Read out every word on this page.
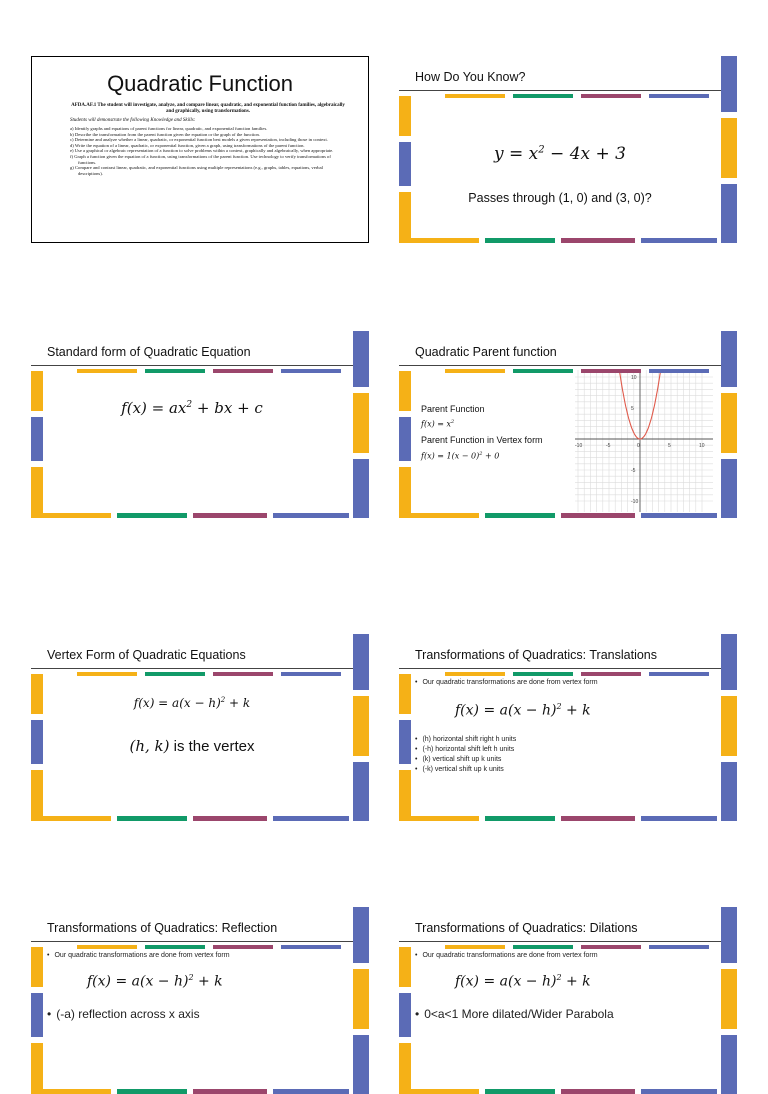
Quadratic Function
AFDA.AF.1 The student will investigate, analyze, and compare linear, quadratic, and exponential function families, algebraically and graphically, using transformations.
Students will demonstrate the following Knowledge and Skills:
a) Identify graphs and equations of parent functions for linear, quadratic, and exponential function families.
b) Describe the transformation from the parent function given the equation or the graph of the function.
c) Determine and analyze whether a linear, quadratic, or exponential function best models a given representation, including those in context.
d) Write the equation of a linear, quadratic, or exponential function, given a graph, using transformations of the parent function.
e) Use a graphical or algebraic representation of a function to solve problems within a context, graphically and algebraically, when appropriate.
f) Graph a function given the equation of a function, using transformations of the parent function. Use technology to verify transformations of functions.
g) Compare and contrast linear, quadratic, and exponential functions using multiple representations (e.g., graphs, tables, equations, verbal descriptions).
How Do You Know?
$y = x^2 - 4x + 3$
Passes through (1, 0) and (3, 0)?
Standard form of Quadratic Equation
$f(x) = ax^2$ + bx + c
Quadratic Parent function
Parent Function
$f(x) = x^2$
Parent Function in Vertex form
$f(x) = 1(x - 0)^2 + 0$
-10	-5	0	5	10
10
5
-5
-10
Vertex Form of Quadratic Equations
$f(x) = a(x - h)^2 + k$
(h, k) is the vertex
Transformations of Quadratics: Translations
• Our quadratic transformations are done from vertex form
$f(x) = a(x - h)^2 + k$
• (h) horizontal shift right h units
• (-h) horizontal shift left h units
• (k) vertical shift up k units
• (-k) vertical shift up k units
Transformations of Quadratics: Reflection
• Our quadratic transformations are done from vertex form
$f(x) = a(x - h)^2 + k$
• (-a) reflection across x axis
Transformations of Quadratics: Dilations
• Our quadratic transformations are done from vertex form
$f(x) = a(x - h)^2 + k$
• 0<a<1 More dilated/Wider Parabola
